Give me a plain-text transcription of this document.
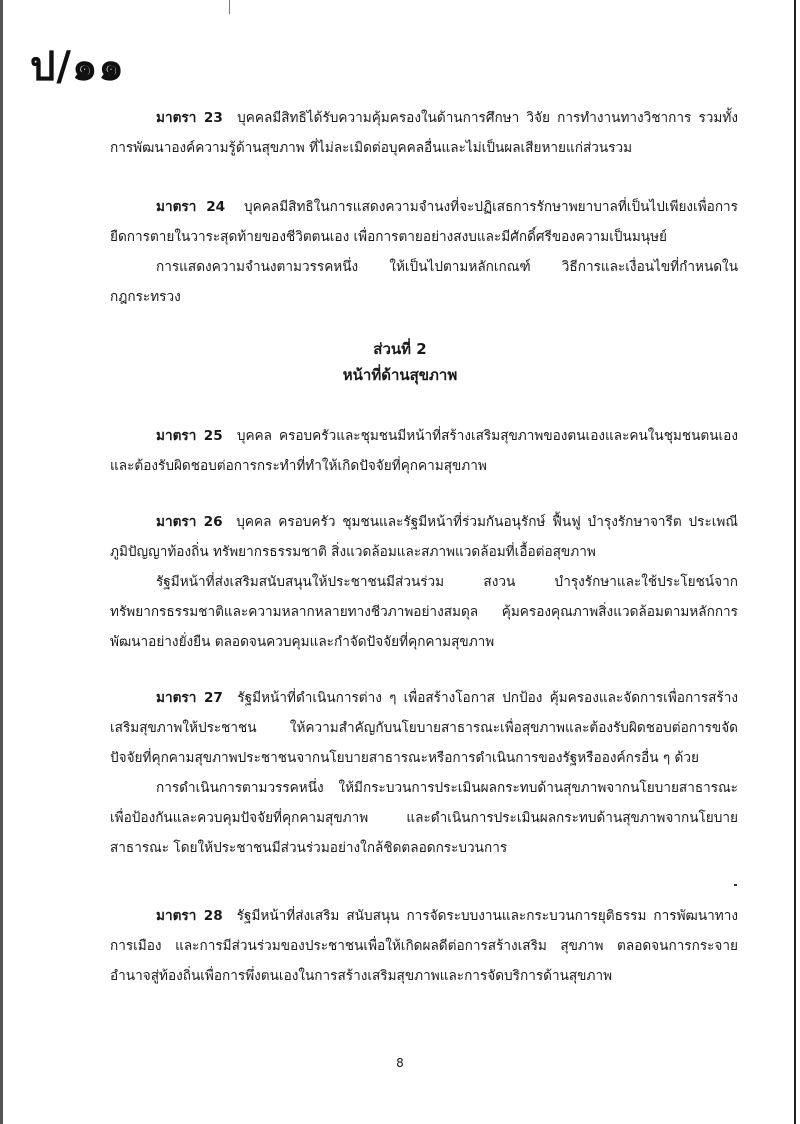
ป/๑๑
มาตรา 23 บุคคลมีสิทธิได้รับความคุ้มครองในด้านการศึกษา วิจัย การทำงานทางวิชาการ รวมทั้ง
การพัฒนาองค์ความรู้ด้านสุขภาพ ที่ไม่ละเมิดต่อบุคคลอื่นและไม่เป็นผลเสียหายแก่ส่วนรวม
มาตรา 24 บุคคลมีสิทธิในการแสดงความจำนงที่จะปฏิเสธการรักษาพยาบาลที่เป็นไปเพียงเพื่อการ
ยืดการตายในวาระสุดท้ายของชีวิตตนเอง เพื่อการตายอย่างสงบและมีศักดิ์ศรีของความเป็นมนุษย์
การแสดงความจำนงตามวรรคหนึ่ง ให้เป็นไปตามหลักเกณฑ์ วิธีการและเงื่อนไขที่กำหนดใน
กฎกระทรวง
ส่วนที่ 2
หน้าที่ด้านสุขภาพ
มาตรา 25 บุคคล ครอบครัวและชุมชนมีหน้าที่สร้างเสริมสุขภาพของตนเองและคนในชุมชนตนเอง
และต้องรับผิดชอบต่อการกระทำที่ทำให้เกิดปัจจัยที่คุกคามสุขภาพ
มาตรา 26 บุคคล ครอบครัว ชุมชนและรัฐมีหน้าที่ร่วมกันอนุรักษ์ ฟื้นฟู บำรุงรักษาจารีต ประเพณี
ภูมิปัญญาท้องถิ่น ทรัพยากรธรรมชาติ สิ่งแวดล้อมและสภาพแวดล้อมที่เอื้อต่อสุขภาพ
รัฐมีหน้าที่ส่งเสริมสนับสนุนให้ประชาชนมีส่วนร่วม สงวน บำรุงรักษาและใช้ประโยชน์จาก
ทรัพยากรธรรมชาติและความหลากหลายทางชีวภาพอย่างสมดุล คุ้มครองคุณภาพสิ่งแวดล้อมตามหลักการ
พัฒนาอย่างยั่งยืน ตลอดจนควบคุมและกำจัดปัจจัยที่คุกคามสุขภาพ
มาตรา 27 รัฐมีหน้าที่ดำเนินการต่าง ๆ เพื่อสร้างโอกาส ปกป้อง คุ้มครองและจัดการเพื่อการสร้าง
เสริมสุขภาพให้ประชาชน ให้ความสำคัญกับนโยบายสาธารณะเพื่อสุขภาพและต้องรับผิดชอบต่อการขจัด
ปัจจัยที่คุกคามสุขภาพประชาชนจากนโยบายสาธารณะหรือการดำเนินการของรัฐหรือองค์กรอื่น ๆ ด้วย
การดำเนินการตามวรรคหนึ่ง ให้มีกระบวนการประเมินผลกระทบด้านสุขภาพจากนโยบายสาธารณะ
เพื่อป้องกันและควบคุมปัจจัยที่คุกคามสุขภาพ และดำเนินการประเมินผลกระทบด้านสุขภาพจากนโยบาย
สาธารณะ โดยให้ประชาชนมีส่วนร่วมอย่างใกล้ชิดตลอดกระบวนการ
มาตรา 28 รัฐมีหน้าที่ส่งเสริม สนับสนุน การจัดระบบงานและกระบวนการยุติธรรม การพัฒนาทาง
การเมือง และการมีส่วนร่วมของประชาชนเพื่อให้เกิดผลดีต่อการสร้างเสริม สุขภาพ ตลอดจนการกระจาย
อำนาจสู่ท้องถิ่นเพื่อการพึ่งตนเองในการสร้างเสริมสุขภาพและการจัดบริการด้านสุขภาพ
8
